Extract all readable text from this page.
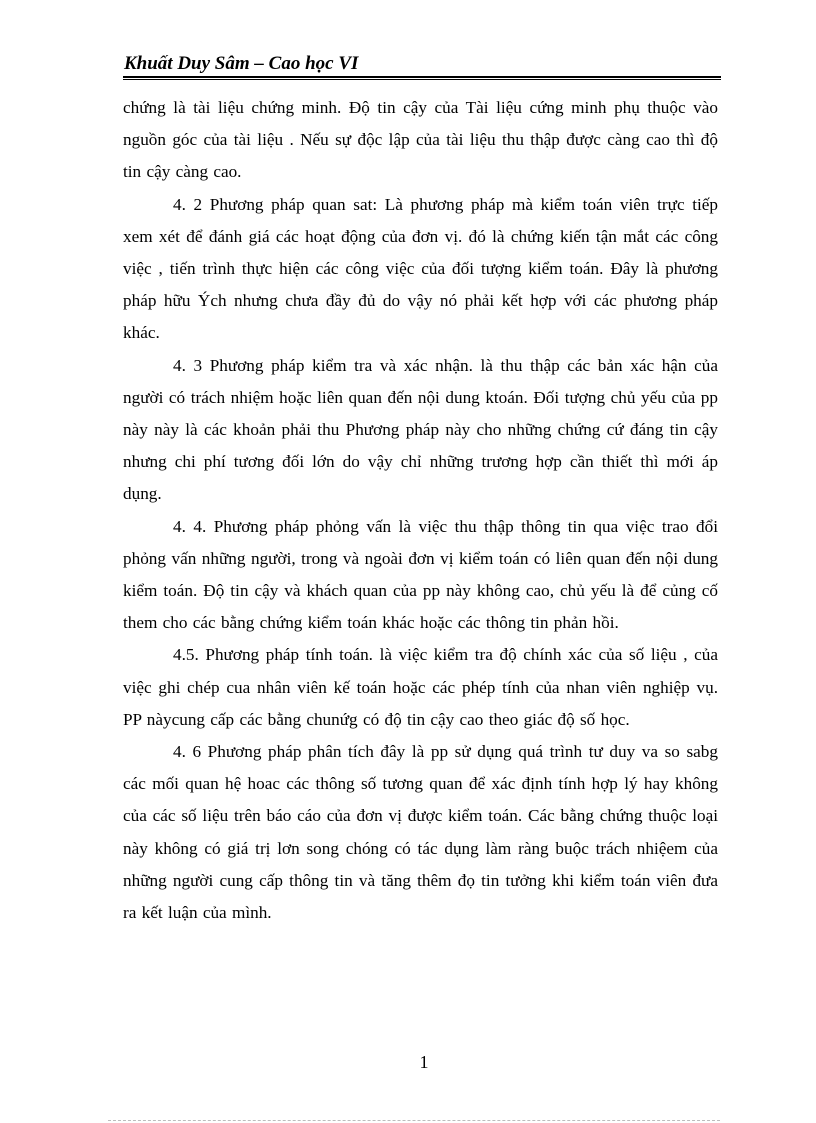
Khuất Duy Sâm – Cao học VI

chứng là tài liệu chứng minh. Độ tin cậy của Tài liệu cứng minh phụ thuộc vào nguồn góc của tài liệu . Nếu sự độc lập của tài liệu thu thập được càng cao thì độ tin cậy càng cao.

4. 2 Phương pháp quan sat: Là phương pháp mà kiểm toán viên trực tiếp xem xét để đánh giá các hoạt động của đơn vị. đó là chứng kiến tận mắt các công việc , tiến trình thực hiện các công việc của đối tượng kiểm toán. Đây là phương pháp hữu Ých nhưng chưa đầy đủ do vậy nó phải kết hợp với các phương pháp khác.

4. 3 Phương pháp kiểm tra và xác nhận. là thu thập các bản xác hận của người có trách nhiệm hoặc liên quan đến nội dung ktoán. Đối tượng chủ yếu của pp này này là các khoản phải thu Phương pháp này cho những chứng cứ đáng tin cậy nhưng chi phí tương đối lớn do vậy chỉ những trương hợp cần thiết thì mới áp dụng.

4. 4. Phương pháp phỏng vấn là việc thu thập thông tin qua việc trao đổi phỏng vấn những người, trong và ngoài đơn vị kiểm toán có liên quan đến nội dung kiểm toán. Độ tin cậy và khách quan của pp này không cao, chủ yếu là để củng cố them cho các bằng chứng kiểm toán khác hoặc các thông tin phản hồi.

4.5. Phương pháp tính toán. là việc kiểm tra độ chính xác của số liệu , của việc ghi chép cua nhân viên kế toán hoặc các phép tính của nhan viên nghiệp vụ. PP nàycung cấp các bằng chunứg có độ tin cậy cao theo giác độ số học.

4. 6 Phương pháp phân tích đây là pp sử dụng quá trình tư duy va so sabg các mối quan hệ hoac các thông số tương quan để xác định tính hợp lý hay không của các số liệu trên báo cáo của đơn vị được kiểm toán. Các bằng chứng thuộc loại này không có giá trị lơn song chóng có tác dụng làm ràng buộc trách nhiệem của những người cung cấp thông tin và tăng thêm đọ tin tưởng khi kiểm toán viên đưa ra kết luận của mình.

1
